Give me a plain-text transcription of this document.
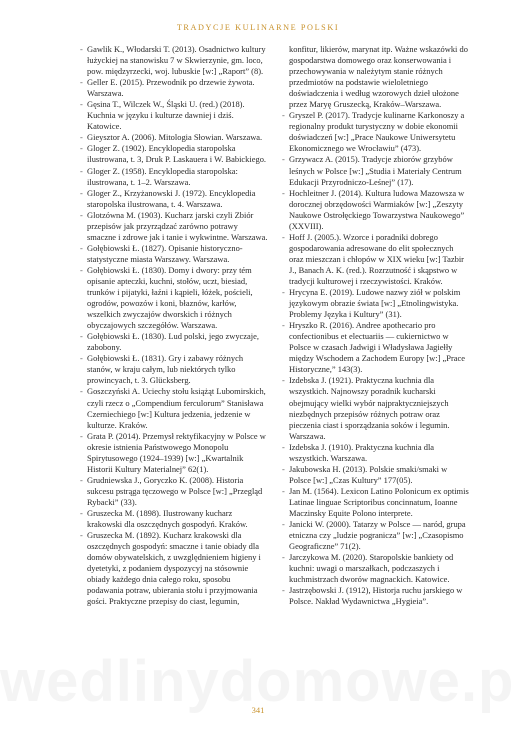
TRADYCJE KULINARNE POLSKI

- Gawlik K., Włodarski T. (2013). Osadnictwo kultury łużyckiej na stanowisku 7 w Skwierzynie, gm. loco, pow. międzyrzecki, woj. lubuskie [w:] „Raport” (8).

- Geller E. (2015). Przewodnik po drzewie żywota. Warszawa.

- Gęsina T., Wilczek W., Śląski U. (red.) (2018). Kuchnia w języku i kulturze dawniej i dziś. Katowice.

- Gieysztor A. (2006). Mitologia Słowian. Warszawa.

- Gloger Z. (1902). Encyklopedia staropolska ilustrowana, t. 3, Druk P. Laskauera i W. Babickiego.

- Gloger Z. (1958). Encyklopedia staropolska: ilustrowana, t. 1–2. Warszawa.

- Gloger Z., Krzyżanowski J. (1972). Encyklopedia staropolska ilustrowana, t. 4. Warszawa.

- Glotzówna M. (1903). Kucharz jarski czyli Zbiór przepisów jak przyrządzać zarówno potrawy smaczne i zdrowe jak i tanie i wykwintne. Warszawa.

- Gołębiowski Ł. (1827). Opisanie historyczno-statystyczne miasta Warszawy. Warszawa.

- Gołębiowski Ł. (1830). Domy i dwory: przy tém opisanie apteczki, kuchni, stołów, uczt, biesiad, trunków i pijatyki, łaźni i kąpieli, łóżek, pościeli, ogrodów, powozów i koni, błaznów, karłów, wszelkich zwyczajów dworskich i różnych obyczajowych szczegółów. Warszawa.

- Gołębiowski Ł. (1830). Lud polski, jego zwyczaje, zabobony.

- Gołębiowski Ł. (1831). Gry i zabawy różnych stanów, w kraju całym, lub niektórych tylko prowincyach, t. 3. Glücksberg.

- Goszczyński A. Uciechy stołu książąt Lubomirskich, czyli rzecz o „Compendium ferculorum” Stanisława Czerniechiego [w:] Kultura jedzenia, jedzenie w kulturze. Kraków.

- Grata P. (2014). Przemysł rektyfikacyjny w Polsce w okresie istnienia Państwowego Monopolu Spirytusowego (1924–1939) [w:] „Kwartalnik Historii Kultury Materialnej” 62(1).

- Grudniewska J., Goryczko K. (2008). Historia sukcesu pstrąga tęczowego w Polsce [w:] „Przegląd Rybacki” (33).

- Gruszecka M. (1898). Ilustrowany kucharz krakowski dla oszczędnych gospodyń. Kraków.

- Gruszecka M. (1892). Kucharz krakowski dla oszczędnych gospodyń: smaczne i tanie obiady dla domów obywatelskich, z uwzględnieniem higieny i dyetetyki, z podaniem dyspozycyj na stósownie obiady każdego dnia całego roku, sposobu podawania potraw, ubierania stołu i przyjmowania gości. Praktyczne przepisy do ciast, legumin,

konfitur, likierów, marynat itp. Ważne wskazówki do gospodarstwa domowego oraz konserwowania i przechowywania w należytym stanie różnych przedmiotów na podstawie wieloletniego doświadczenia i według wzorowych dzieł ułożone przez Maryę Gruszecką, Kraków–Warszawa.

- Gryszel P. (2017). Tradycje kulinarne Karkonoszy a regionalny produkt turystyczny w dobie ekonomii doświadczeń [w:] „Prace Naukowe Uniwersytetu Ekonomicznego we Wrocławiu” (473).

- Grzywacz A. (2015). Tradycje zbiorów grzybów leśnych w Polsce [w:] „Studia i Materiały Centrum Edukacji Przyrodniczo-Leśnej” (17).

- Hochleitner J. (2014). Kultura ludowa Mazowsza w dorocznej obrzędowości Warmiaków [w:] „Zeszyty Naukowe Ostrołęckiego Towarzystwa Naukowego” (XXVIII).

- Hoff J. (2005.). Wzorce i poradniki dobrego gospodarowania adresowane do elit społecznych oraz mieszczan i chłopów w XIX wieku [w:] Tazbir J., Banach A. K. (red.). Rozrzutność i skąpstwo w tradycji kulturowej i rzeczywistości. Kraków.

- Hrycyna E. (2019). Ludowe nazwy ziół w polskim językowym obrazie świata [w:] „Etnolingwistyka. Problemy Języka i Kultury” (31).

- Hryszko R. (2016). Andree apothecario pro confectionibus et electuariis — cukiernictwo w Polsce w czasach Jadwigi i Władysława Jagiełły między Wschodem a Zachodem Europy [w:] „Prace Historyczne,” 143(3).

- Izdebska J. (1921). Praktyczna kuchnia dla wszystkich. Najnowszy poradnik kucharski obejmujący wielki wybór najpraktyczniejszych niezbędnych przepisów różnych potraw oraz pieczenia ciast i sporządzania soków i legumin. Warszawa.

- Izdebska J. (1910). Praktyczna kuchnia dla wszystkich. Warszawa.

- Jakubowska H. (2013). Polskie smaki/smaki w Polsce [w:] „Czas Kultury” 177(05).

- Jan M. (1564). Lexicon Latino Polonicum ex optimis Latinae linguae Scriptoribus concinnatum, Ioanne Maczinsky Equite Polono interprete.

- Janicki W. (2000). Tatarzy w Polsce — naród, grupa etniczna czy „ludzie pogranicza” [w:] „Czasopismo Geograficzne” 71(2).

- Jarczykowa M. (2020). Staropolskie bankiety od kuchni: uwagi o marszałkach, podczaszych i kuchmistrzach dworów magnackich. Katowice.

- Jastrzębowski J. (1912), Historja ruchu jarskiego w Polsce. Nakład Wydawnictwa „Hygieia”.

341
